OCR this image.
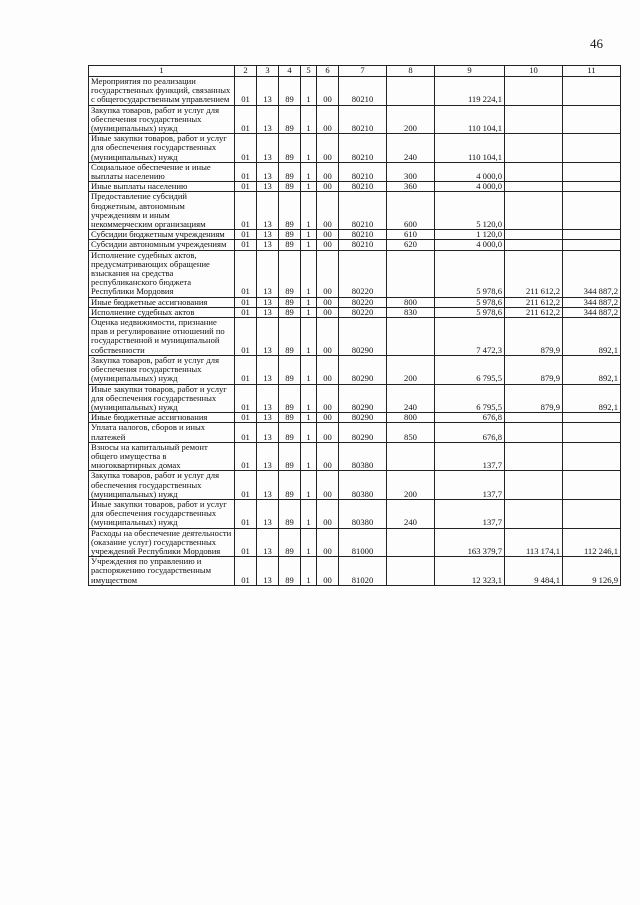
46
1	2	3	4	5	6	7	8	9	10	11
Мероприятия по реализации государственных функций, связанных с общегосударственным управлением	01	13	89	1	00	80210		119 224,1		
Закупка товаров, работ и услуг для обеспечения государственных (муниципальных) нужд	01	13	89	1	00	80210	200	110 104,1		
Иные закупки товаров, работ и услуг для обеспечения государственных (муниципальных) нужд	01	13	89	1	00	80210	240	110 104,1		
Социальное обеспечение и иные выплаты населению	01	13	89	1	00	80210	300	4 000,0		
Иные выплаты населению	01	13	89	1	00	80210	360	4 000,0		
Предоставление субсидий бюджетным, автономным учреждениям и иным некоммерческим организациям	01	13	89	1	00	80210	600	5 120,0		
Субсидии бюджетным учреждениям	01	13	89	1	00	80210	610	1 120,0		
Субсидии автономным учреждениям	01	13	89	1	00	80210	620	4 000,0		
Исполнение судебных актов, предусматривающих обращение взыскания на средства республиканского бюджета Республики Мордовия	01	13	89	1	00	80220		5 978,6	211 612,2	344 887,2
Иные бюджетные ассигнования	01	13	89	1	00	80220	800	5 978,6	211 612,2	344 887,2
Исполнение судебных актов	01	13	89	1	00	80220	830	5 978,6	211 612,2	344 887,2
Оценка недвижимости, признание прав и регулирование отношений по государственной и муниципальной собственности	01	13	89	1	00	80290		7 472,3	879,9	892,1
Закупка товаров, работ и услуг для обеспечения государственных (муниципальных) нужд	01	13	89	1	00	80290	200	6 795,5	879,9	892,1
Иные закупки товаров, работ и услуг для обеспечения государственных (муниципальных) нужд	01	13	89	1	00	80290	240	6 795,5	879,9	892,1
Иные бюджетные ассигнования	01	13	89	1	00	80290	800	676,8		
Уплата налогов, сборов и иных платежей	01	13	89	1	00	80290	850	676,8		
Взносы на капитальный ремонт общего имущества в многоквартирных домах	01	13	89	1	00	80380		137,7		
Закупка товаров, работ и услуг для обеспечения государственных (муниципальных) нужд	01	13	89	1	00	80380	200	137,7		
Иные закупки товаров, работ и услуг для обеспечения государственных (муниципальных) нужд	01	13	89	1	00	80380	240	137,7		
Расходы на обеспечение деятельности (оказание услуг) государственных учреждений Республики Мордовия	01	13	89	1	00	81000		163 379,7	113 174,1	112 246,1
Учреждения по управлению и распоряжению государственным имуществом	01	13	89	1	00	81020		12 323,1	9 484,1	9 126,9
